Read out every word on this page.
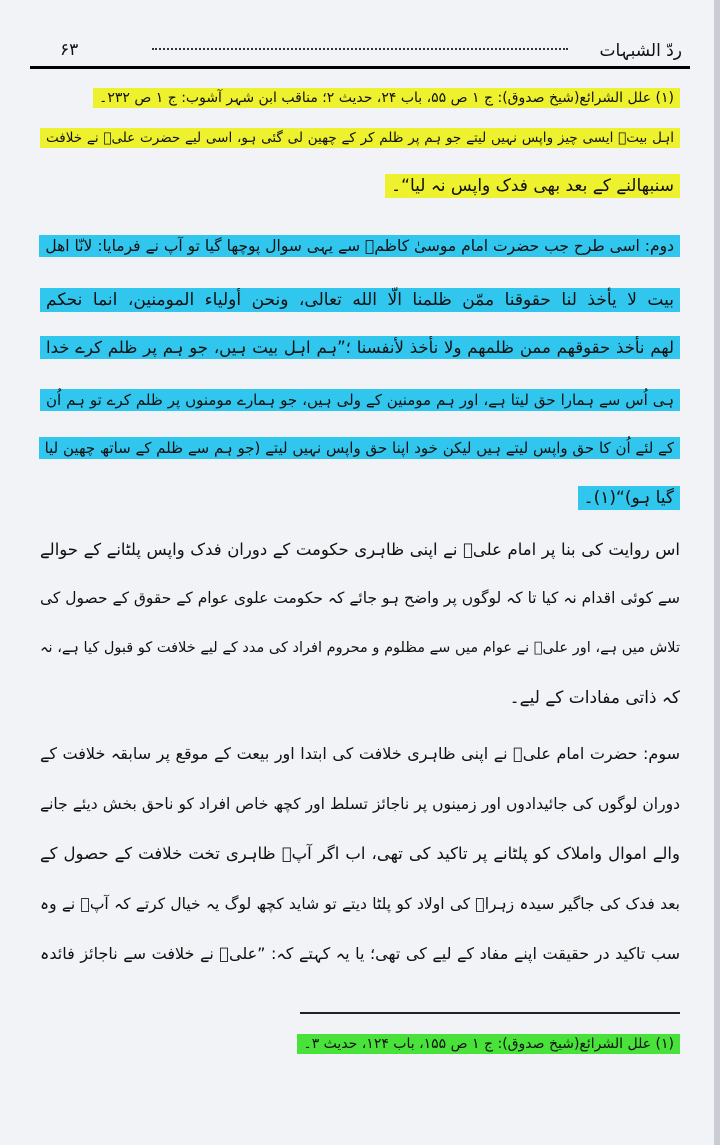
ردّ الشبہات
۶۳
(۱) علل الشرائع(شیخ صدوق): ج ۱ ص ۵۵، باب ۲۴، حدیث ۲؛ مناقب ابن شہر آشوب: ج ۱ ص ۲۳۲۔
اہل بیتؑ ایسی چیز واپس نہیں لیتے جو ہم پر ظلم کر کے چھین لی گئی ہو، اسی لیے حضرت علیؑ نے خلافت
سنبھالنے کے بعد بھی فدک واپس نہ لیا“۔
دوم: اسی طرح جب حضرت امام موسیٰ کاظمؑ سے یہی سوال پوچھا گیا تو آپ نے فرمایا: لانّا اهل
بیت لا یأخذ لنا حقوقنا ممّن ظلمنا الّا الله تعالی، ونحن أولیاء المومنین، انما نحکم
لهم نأخذ حقوقهم ممن ظلمهم ولا نأخذ لأنفسنا ؛”ہم اہل بیت ہیں، جو ہم پر ظلم کرے خدا
ہی اُس سے ہمارا حق لیتا ہے، اور ہم مومنین کے ولی ہیں، جو ہمارے مومنوں پر ظلم کرے تو ہم اُن
کے لئے اُن کا حق واپس لیتے ہیں لیکن خود اپنا حق واپس نہیں لیتے (جو ہم سے ظلم کے ساتھ چھین لیا
گیا ہو)“(۱)۔
اس روایت کی بنا پر امام علیؑ نے اپنی ظاہری حکومت کے دوران فدک واپس پلٹانے کے حوالے
سے کوئی اقدام نہ کیا تا کہ لوگوں پر واضح ہو جائے کہ حکومت علوی عوام کے حقوق کے حصول کی
تلاش میں ہے، اور علیؑ نے عوام میں سے مظلوم و محروم افراد کی مدد کے لیے خلافت کو قبول کیا ہے، نہ
کہ ذاتی مفادات کے لیے۔
سوم: حضرت امام علیؑ نے اپنی ظاہری خلافت کی ابتدا اور بیعت کے موقع پر سابقہ خلافت کے
دوران لوگوں کی جائیدادوں اور زمینوں پر ناجائز تسلط اور کچھ خاص افراد کو ناحق بخش دیئے جانے
والے اموال واملاک کو پلٹانے پر تاکید کی تھی، اب اگر آپؑ ظاہری تخت خلافت کے حصول کے
بعد فدک کی جاگیر سیدہ زہراؑ کی اولاد کو پلٹا دیتے تو شاید کچھ لوگ یہ خیال کرتے کہ آپؑ نے وہ
سب تاکید در حقیقت اپنے مفاد کے لیے کی تھی؛ یا یہ کہتے کہ: ”علیؑ نے خلافت سے ناجائز فائدہ
(۱) علل الشرائع(شیخ صدوق): ج ۱ ص ۱۵۵، باب ۱۲۴، حدیث ۳۔
